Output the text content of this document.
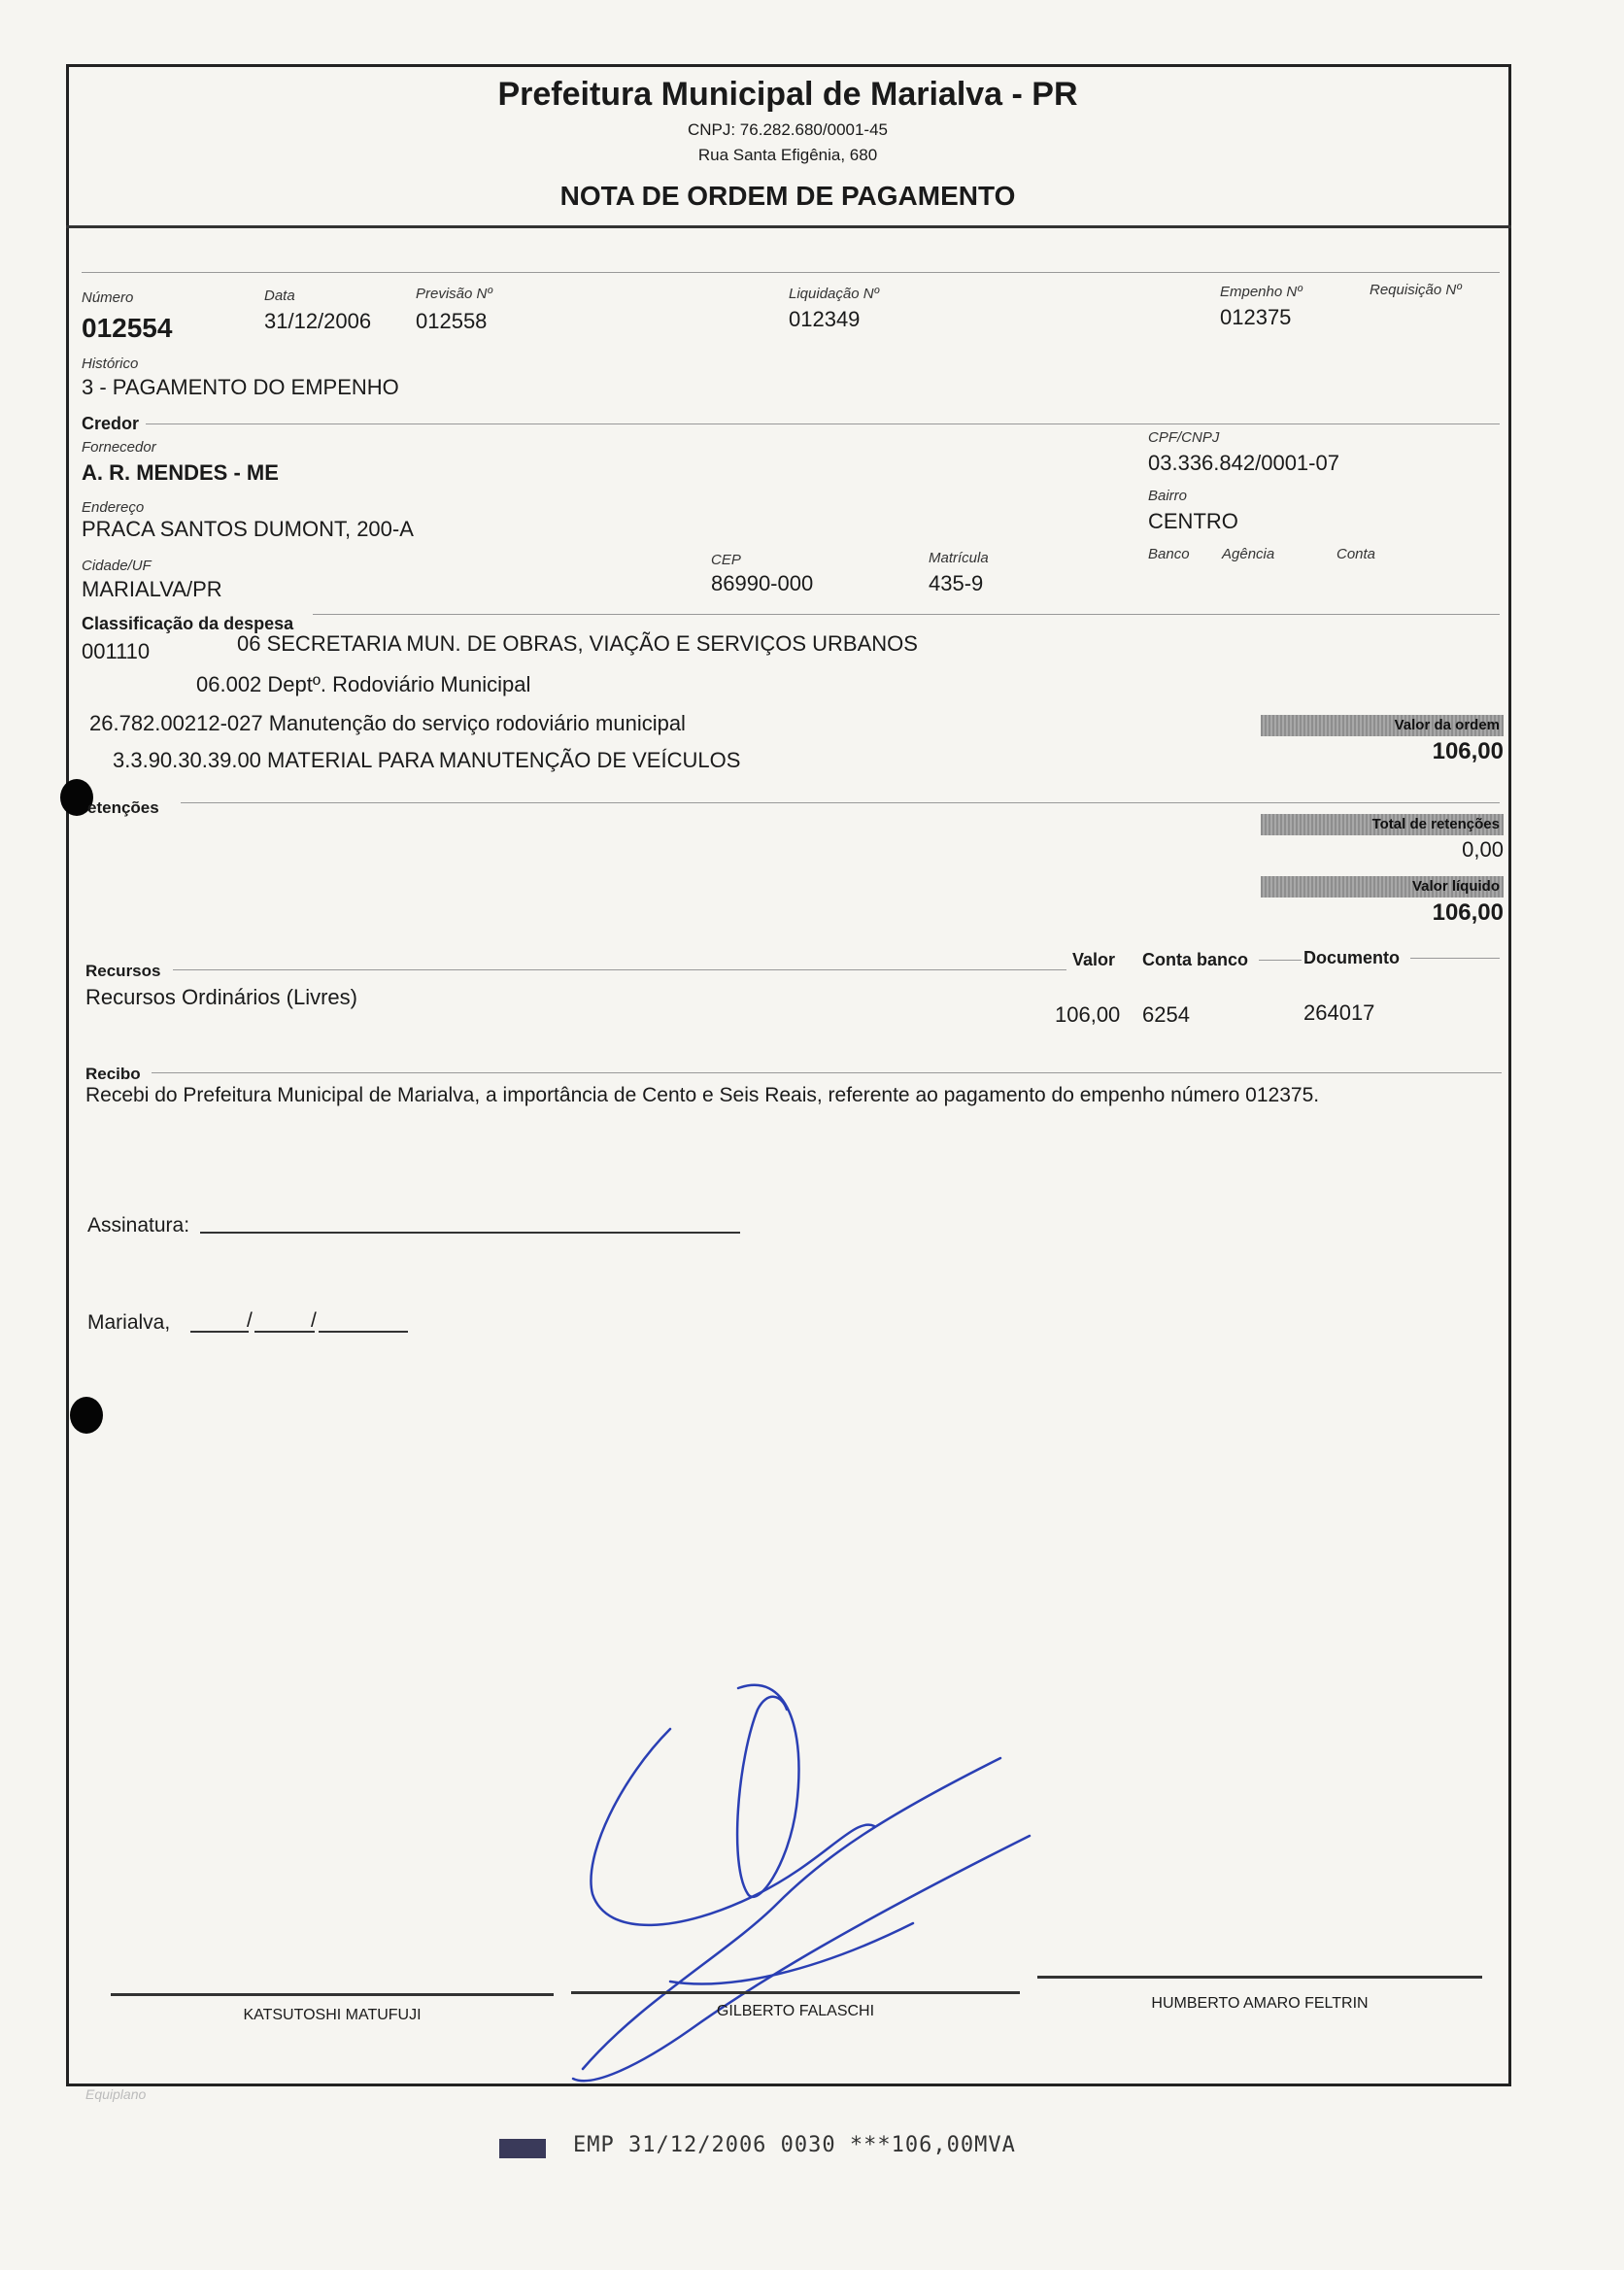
Prefeitura Municipal de Marialva - PR
CNPJ: 76.282.680/0001-45
Rua Santa Efigênia, 680
NOTA DE ORDEM DE PAGAMENTO
Número
012554
Data
31/12/2006
Previsão Nº
012558
Liquidação Nº
012349
Empenho Nº
012375
Requisição Nº
Histórico
3 - PAGAMENTO DO EMPENHO
Credor
Fornecedor
A. R. MENDES - ME
CPF/CNPJ
03.336.842/0001-07
Endereço
PRACA SANTOS DUMONT, 200-A
Bairro
CENTRO
Cidade/UF
MARIALVA/PR
CEP
86990-000
Matrícula
435-9
Banco Agência	Conta
Classificação da despesa
001110	06 SECRETARIA MUN. DE OBRAS, VIAÇÃO E SERVIÇOS URBANOS
06.002 Deptº. Rodoviário Municipal
26.782.00212-027 Manutenção do serviço rodoviário municipal
3.3.90.30.39.00 MATERIAL PARA MANUTENÇÃO DE VEÍCULOS
Valor da ordem
106,00
etenções
Total de retenções
0,00
Valor líquido
106,00
Recursos
Recursos Ordinários (Livres)
Valor Conta banco	Documento
106,00 6254	264017
Recibo
Recebi do Prefeitura Municipal de Marialva, a importância de Cento e Seis Reais, referente ao pagamento do empenho número 012375.
Assinatura:
Marialva,	/	/
KATSUTOSHI MATUFUJI	GILBERTO FALASCHI	HUMBERTO AMARO FELTRIN
Equiplano
EMP 31/12/2006 0030 ***106,00MVA
